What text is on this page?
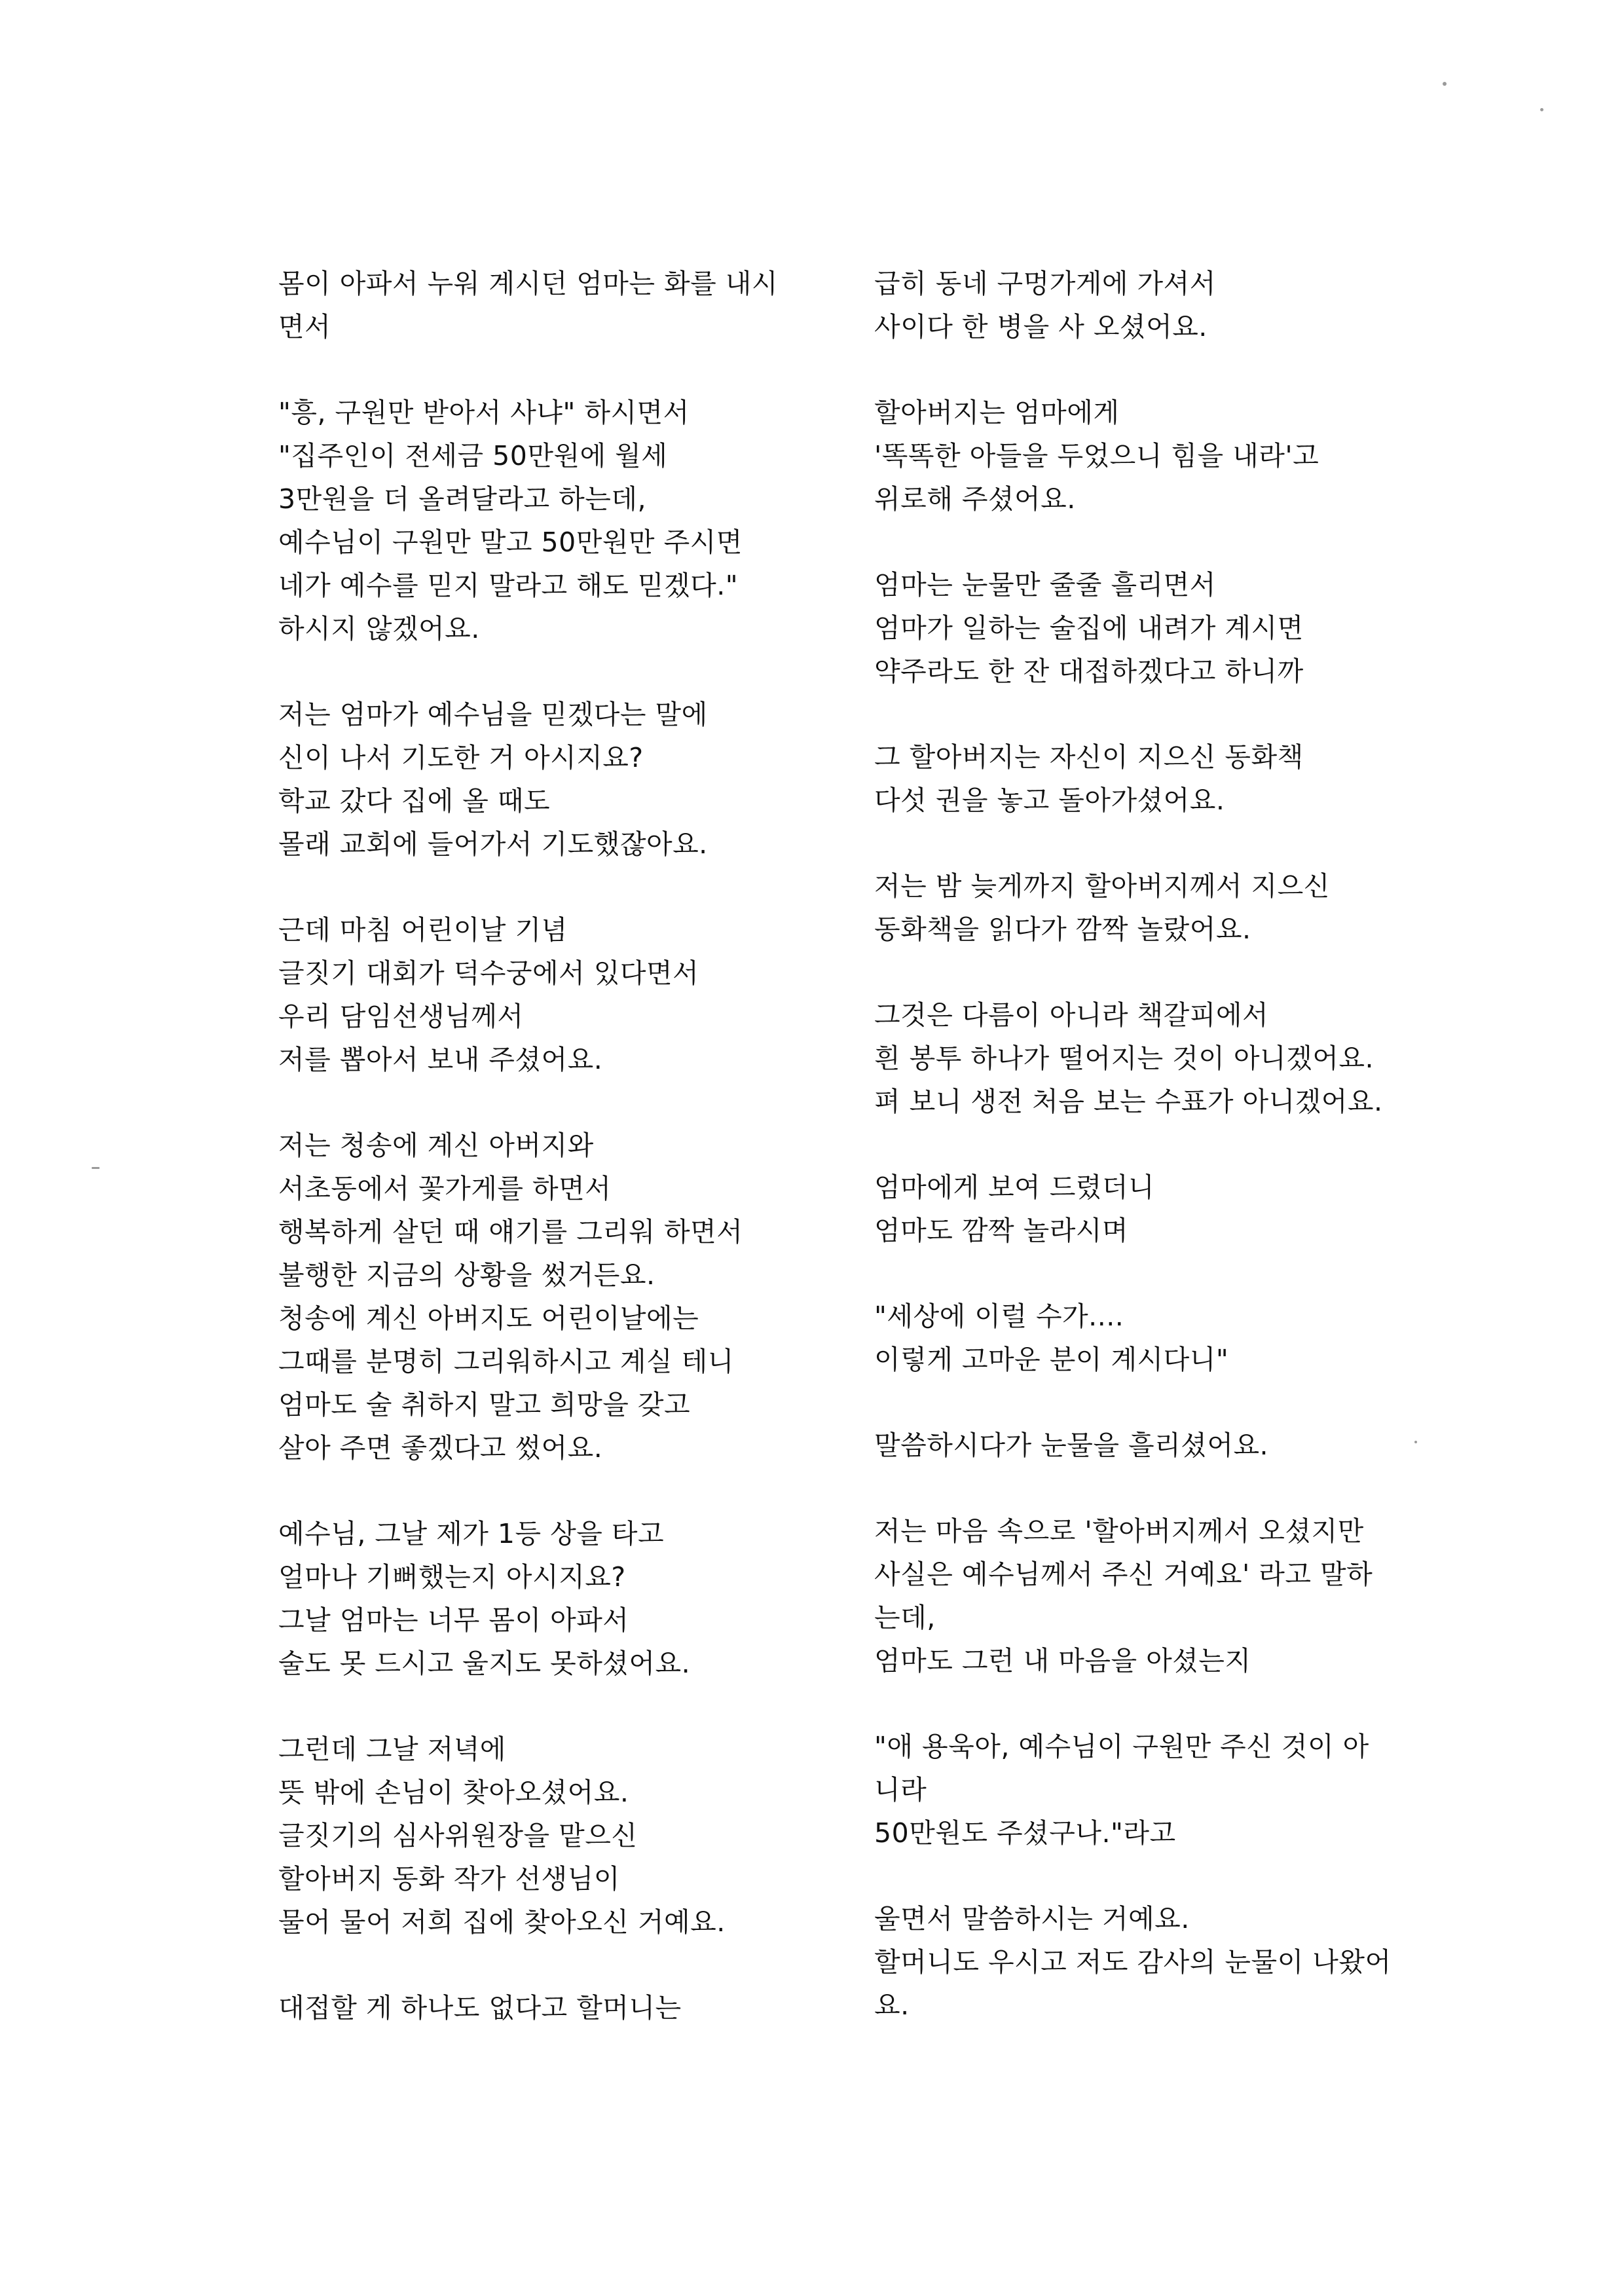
몸이 아파서 누워 계시던 엄마는 화를 내시
면서
"흥, 구원만 받아서 사냐" 하시면서
"집주인이 전세금 50만원에 월세
3만원을 더 올려달라고 하는데,
예수님이 구원만 말고 50만원만 주시면
네가 예수를 믿지 말라고 해도 믿겠다."
하시지 않겠어요.
저는 엄마가 예수님을 믿겠다는 말에
신이 나서 기도한 거 아시지요?
학교 갔다 집에 올 때도
몰래 교회에 들어가서 기도했잖아요.
근데 마침 어린이날 기념
글짓기 대회가 덕수궁에서 있다면서
우리 담임선생님께서
저를 뽑아서 보내 주셨어요.
저는 청송에 계신 아버지와
서초동에서 꽃가게를 하면서
행복하게 살던 때 얘기를 그리워 하면서
불행한 지금의 상황을 썼거든요.
청송에 계신 아버지도 어린이날에는
그때를 분명히 그리워하시고 계실 테니
엄마도 술 취하지 말고 희망을 갖고
살아 주면 좋겠다고 썼어요.
예수님, 그날 제가 1등 상을 타고
얼마나 기뻐했는지 아시지요?
그날 엄마는 너무 몸이 아파서
술도 못 드시고 울지도 못하셨어요.
그런데 그날 저녁에
뜻 밖에 손님이 찾아오셨어요.
글짓기의 심사위원장을 맡으신
할아버지 동화 작가 선생님이
물어 물어 저희 집에 찾아오신 거예요.
대접할 게 하나도 없다고 할머니는
급히 동네 구멍가게에 가셔서
사이다 한 병을 사 오셨어요.
할아버지는 엄마에게
'똑똑한 아들을 두었으니 힘을 내라'고
위로해 주셨어요.
엄마는 눈물만 줄줄 흘리면서
엄마가 일하는 술집에 내려가 계시면
약주라도 한 잔 대접하겠다고 하니까
그 할아버지는 자신이 지으신 동화책
다섯 권을 놓고 돌아가셨어요.
저는 밤 늦게까지 할아버지께서 지으신
동화책을 읽다가 깜짝 놀랐어요.
그것은 다름이 아니라 책갈피에서
흰 봉투 하나가 떨어지는 것이 아니겠어요.
펴 보니 생전 처음 보는 수표가 아니겠어요.
엄마에게 보여 드렸더니
엄마도 깜짝 놀라시며
"세상에 이럴 수가....
이렇게 고마운 분이 계시다니"
말씀하시다가 눈물을 흘리셨어요.
저는 마음 속으로 '할아버지께서 오셨지만
사실은 예수님께서 주신 거예요' 라고 말하
는데,
엄마도 그런 내 마음을 아셨는지
"애 용욱아, 예수님이 구원만 주신 것이 아
니라
50만원도 주셨구나."라고
울면서 말씀하시는 거예요.
할머니도 우시고 저도 감사의 눈물이 나왔어
요.
